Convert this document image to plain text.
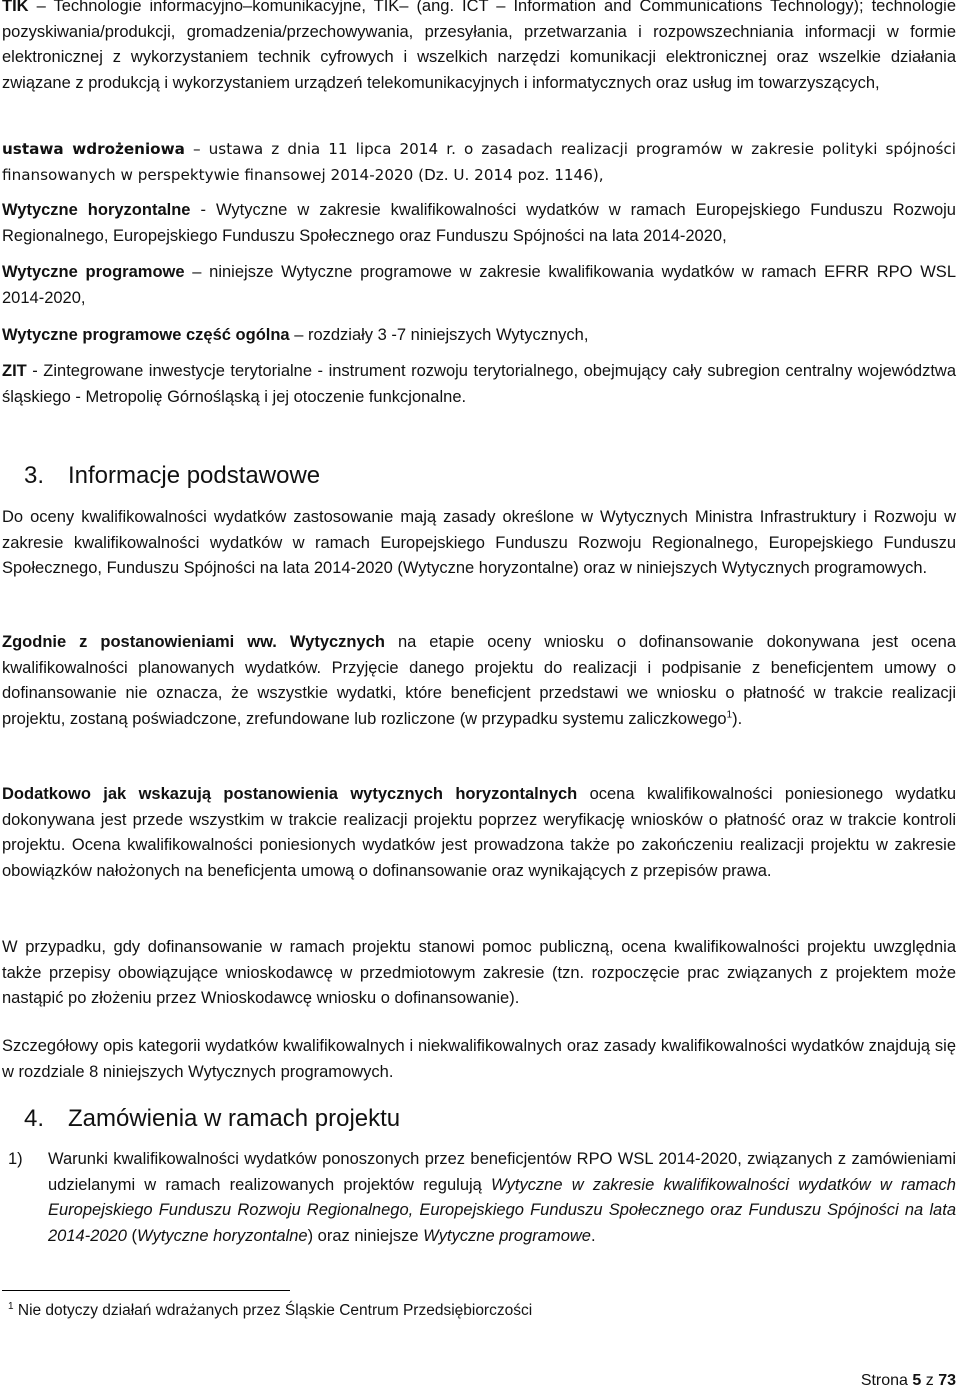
TIK – Technologie informacyjno–komunikacyjne, TIK– (ang. ICT – Information and Communications Technology); technologie pozyskiwania/produkcji, gromadzenia/przechowywania, przesyłania, przetwarzania i rozpowszechniania informacji w formie elektronicznej z wykorzystaniem technik cyfrowych i wszelkich narzędzi komunikacji elektronicznej oraz wszelkie działania związane z produkcją i wykorzystaniem urządzeń telekomunikacyjnych i informatycznych oraz usług im towarzyszących,

ustawa wdrożeniowa – ustawa z dnia 11 lipca 2014 r. o zasadach realizacji programów w zakresie polityki spójności finansowanych w perspektywie finansowej 2014-2020 (Dz. U. 2014 poz. 1146),

Wytyczne horyzontalne - Wytyczne w zakresie kwalifikowalności wydatków w ramach Europejskiego Funduszu Rozwoju Regionalnego, Europejskiego Funduszu Społecznego oraz Funduszu Spójności na lata 2014-2020,

Wytyczne programowe – niniejsze Wytyczne programowe w zakresie kwalifikowania wydatków w ramach EFRR RPO WSL 2014-2020,

Wytyczne programowe część ogólna – rozdziały 3 -7 niniejszych Wytycznych,

ZIT - Zintegrowane inwestycje terytorialne - instrument rozwoju terytorialnego, obejmujący cały subregion centralny województwa śląskiego - Metropolię Górnośląską i jej otoczenie funkcjonalne.

3. Informacje podstawowe

Do oceny kwalifikowalności wydatków zastosowanie mają zasady określone w Wytycznych Ministra Infrastruktury i Rozwoju w zakresie kwalifikowalności wydatków w ramach Europejskiego Funduszu Rozwoju Regionalnego, Europejskiego Funduszu Społecznego, Funduszu Spójności na lata 2014-2020 (Wytyczne horyzontalne) oraz w niniejszych Wytycznych programowych.

Zgodnie z postanowieniami ww. Wytycznych na etapie oceny wniosku o dofinansowanie dokonywana jest ocena kwalifikowalności planowanych wydatków. Przyjęcie danego projektu do realizacji i podpisanie z beneficjentem umowy o dofinansowanie nie oznacza, że wszystkie wydatki, które beneficjent przedstawi we wniosku o płatność w trakcie realizacji projektu, zostaną poświadczone, zrefundowane lub rozliczone (w przypadku systemu zaliczkowego$^1$).

Dodatkowo jak wskazują postanowienia wytycznych horyzontalnych ocena kwalifikowalności poniesionego wydatku dokonywana jest przede wszystkim w trakcie realizacji projektu poprzez weryfikację wniosków o płatność oraz w trakcie kontroli projektu. Ocena kwalifikowalności poniesionych wydatków jest prowadzona także po zakończeniu realizacji projektu w zakresie obowiązków nałożonych na beneficjenta umową o dofinansowanie oraz wynikających z przepisów prawa.

W przypadku, gdy dofinansowanie w ramach projektu stanowi pomoc publiczną, ocena kwalifikowalności projektu uwzględnia także przepisy obowiązujące wnioskodawcę w przedmiotowym zakresie (tzn. rozpoczęcie prac związanych z projektem może nastąpić po złożeniu przez Wnioskodawcę wniosku o dofinansowanie).

Szczegółowy opis kategorii wydatków kwalifikowalnych i niekwalifikowalnych oraz zasady kwalifikowalności wydatków znajdują się w rozdziale 8 niniejszych Wytycznych programowych.

4. Zamówienia w ramach projektu
1) Warunki kwalifikowalności wydatków ponoszonych przez beneficjentów RPO WSL 2014-2020, związanych z zamówieniami udzielanymi w ramach realizowanych projektów regulują Wytyczne w zakresie kwalifikowalności wydatków w ramach Europejskiego Funduszu Rozwoju Regionalnego, Europejskiego Funduszu Społecznego oraz Funduszu Spójności na lata 2014-2020 (Wytyczne horyzontalne) oraz niniejsze Wytyczne programowe.

$^1$ Nie dotyczy działań wdrażanych przez Śląskie Centrum Przedsiębiorczości

Strona 5 z 73
